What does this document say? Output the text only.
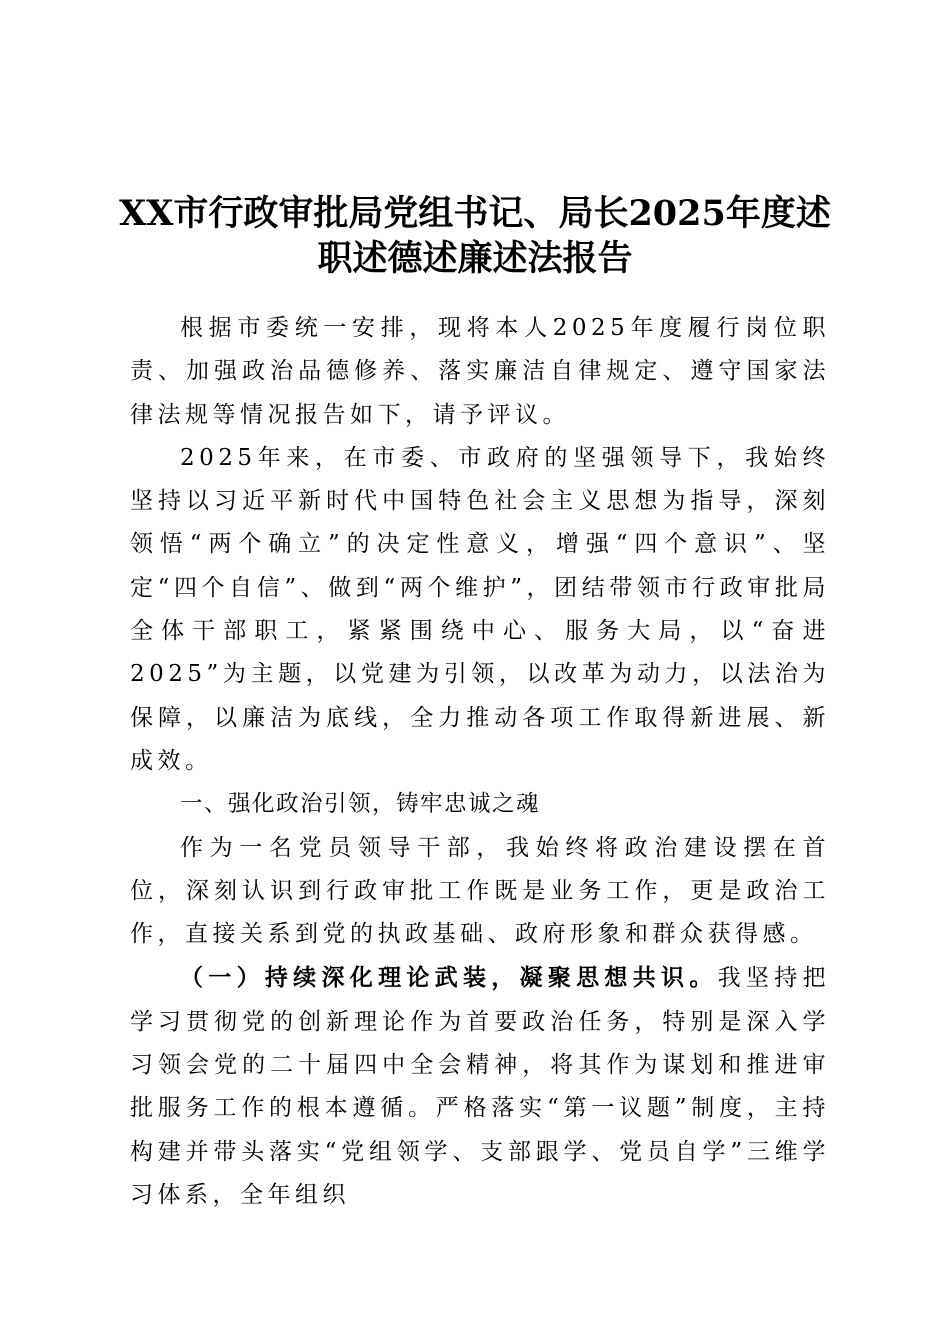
XX市行政审批局党组书记、局长2025年度述
职述德述廉述法报告

根据市委统一安排，现将本人2025年度履行岗位职责、加强政治品德修养、落实廉洁自律规定、遵守国家法律法规等情况报告如下，请予评议。

2025年来，在市委、市政府的坚强领导下，我始终坚持以习近平新时代中国特色社会主义思想为指导，深刻领悟“两个确立”的决定性意义，增强“四个意识”、坚定“四个自信”、做到“两个维护”，团结带领市行政审批局全体干部职工，紧紧围绕中心、服务大局，以“奋进2025”为主题，以党建为引领，以改革为动力，以法治为保障，以廉洁为底线，全力推动各项工作取得新进展、新成效。

一、强化政治引领，铸牢忠诚之魂

作为一名党员领导干部，我始终将政治建设摆在首位，深刻认识到行政审批工作既是业务工作，更是政治工作，直接关系到党的执政基础、政府形象和群众获得感。

（一）持续深化理论武装，凝聚思想共识。我坚持把学习贯彻党的创新理论作为首要政治任务，特别是深入学习领会党的二十届四中全会精神，将其作为谋划和推进审批服务工作的根本遵循。严格落实“第一议题”制度，主持构建并带头落实“党组领学、支部跟学、党员自学”三维学习体系，全年组织
